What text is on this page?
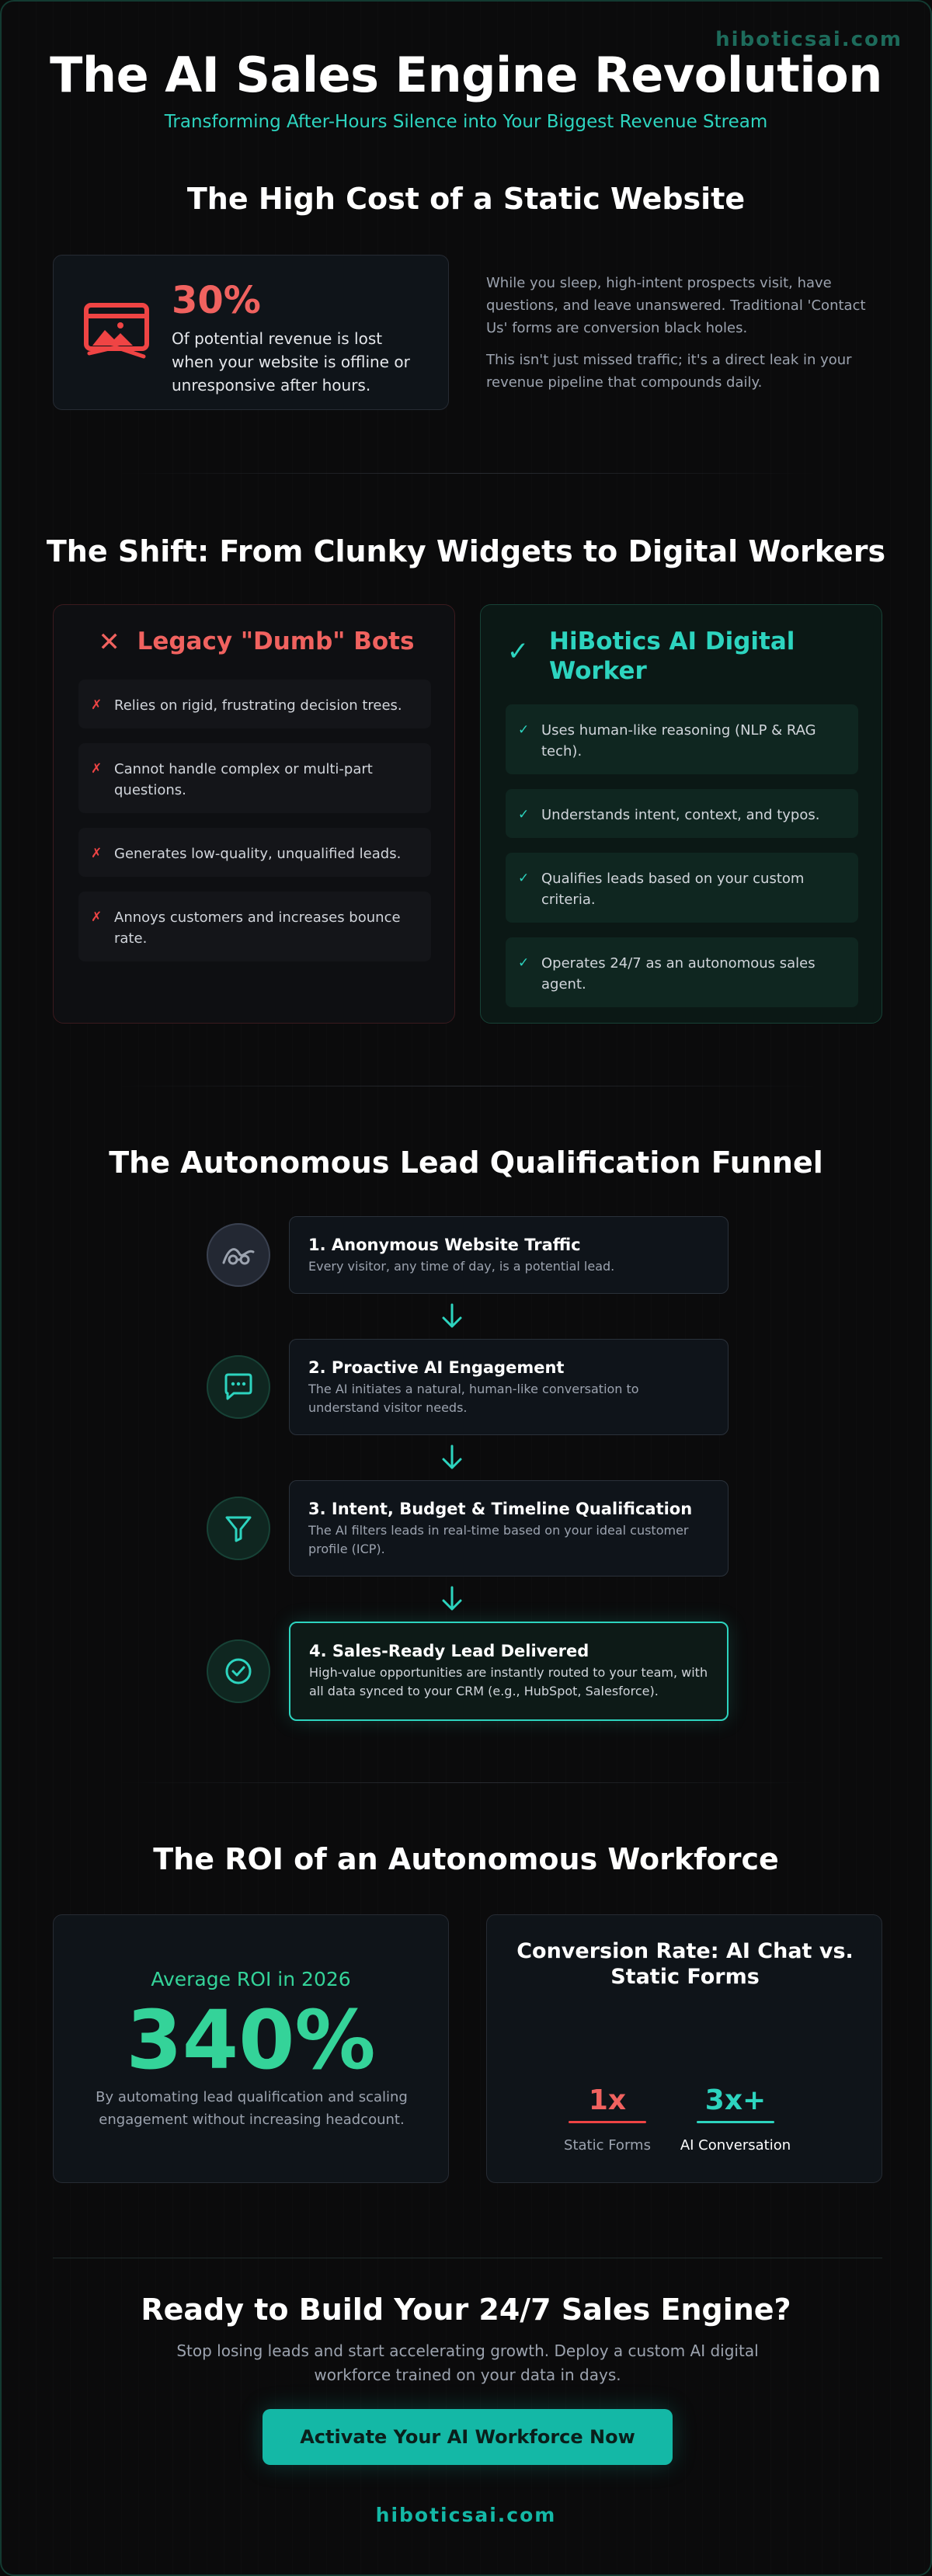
hiboticsai.com
The AI Sales Engine Revolution

Transforming After-Hours Silence into Your Biggest Revenue Stream

The High Cost of a Static Website
30%
Of potential revenue is lost when your website is offline or unresponsive after hours.

While you sleep, high-intent prospects visit, have questions, and leave unanswered. Traditional 'Contact Us' forms are conversion black holes.

This isn't just missed traffic; it's a direct leak in your revenue pipeline that compounds daily.

The Shift: From Clunky Widgets to Digital Workers
✕ Legacy "Dumb" Bots
✗ Relies on rigid, frustrating decision trees.
✗ Cannot handle complex or multi-part questions.
✗ Generates low-quality, unqualified leads.
✗ Annoys customers and increases bounce rate.
✓ HiBotics AI Digital Worker
✓ Uses human-like reasoning (NLP & RAG tech).
✓ Understands intent, context, and typos.
✓ Qualifies leads based on your custom criteria.
✓ Operates 24/7 as an autonomous sales agent.
The Autonomous Lead Qualification Funnel
1. Anonymous Website Traffic
Every visitor, any time of day, is a potential lead.
2. Proactive AI Engagement
The AI initiates a natural, human-like conversation to understand visitor needs.
3. Intent, Budget & Timeline Qualification
The AI filters leads in real-time based on your ideal customer profile (ICP).
4. Sales-Ready Lead Delivered
High-value opportunities are instantly routed to your team, with all data synced to your CRM (e.g., HubSpot, Salesforce).
The ROI of an Autonomous Workforce
Average ROI in 2026
340%
By automating lead qualification and scaling engagement without increasing headcount.
Conversion Rate: AI Chat vs. Static Forms
1x
Static Forms
3x+
AI Conversation
Ready to Build Your 24/7 Sales Engine?

Stop losing leads and start accelerating growth. Deploy a custom AI digital workforce trained on your data in days.

Activate Your AI Workforce Now
hiboticsai.com
